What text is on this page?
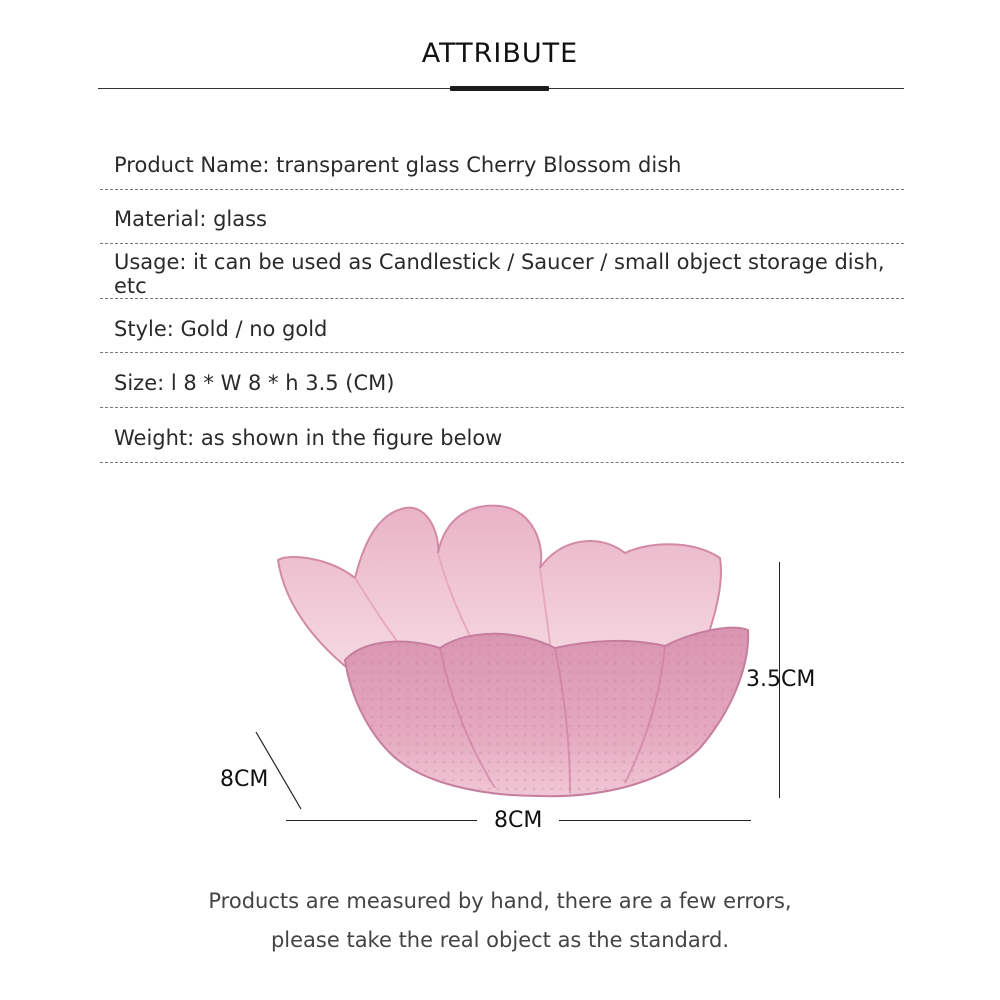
ATTRIBUTE
Product Name: transparent glass Cherry Blossom dish
Material: glass
Usage: it can be used as Candlestick / Saucer / small object storage dish, etc
Style: Gold / no gold
Size: l 8 * W 8 * h 3.5 (CM)
Weight: as shown in the figure below
3.5CM
8CM
8CM
Products are measured by hand, there are a few errors,
please take the real object as the standard.
